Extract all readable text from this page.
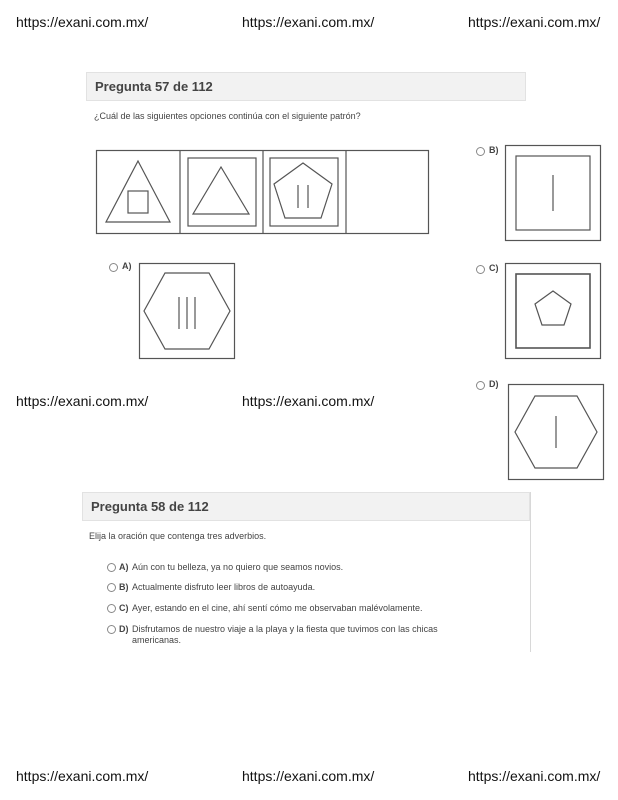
https://exani.com.mx/	https://exani.com.mx/	https://exani.com.mx/
https://exani.com.mx/	https://exani.com.mx/
https://exani.com.mx/	https://exani.com.mx/	https://exani.com.mx/
Pregunta 57 de 112
¿Cuál de las siguientes opciones continúa con el siguiente patrón?
A)
B)
C)
D)
Pregunta 58 de 112
Elija la oración que contenga tres adverbios.
A) Aún con tu belleza, ya no quiero que seamos novios.
B) Actualmente disfruto leer libros de autoayuda.
C) Ayer, estando en el cine, ahí sentí cómo me observaban malévolamente.
D) Disfrutamos de nuestro viaje a la playa y la fiesta que tuvimos con las chicas americanas.
